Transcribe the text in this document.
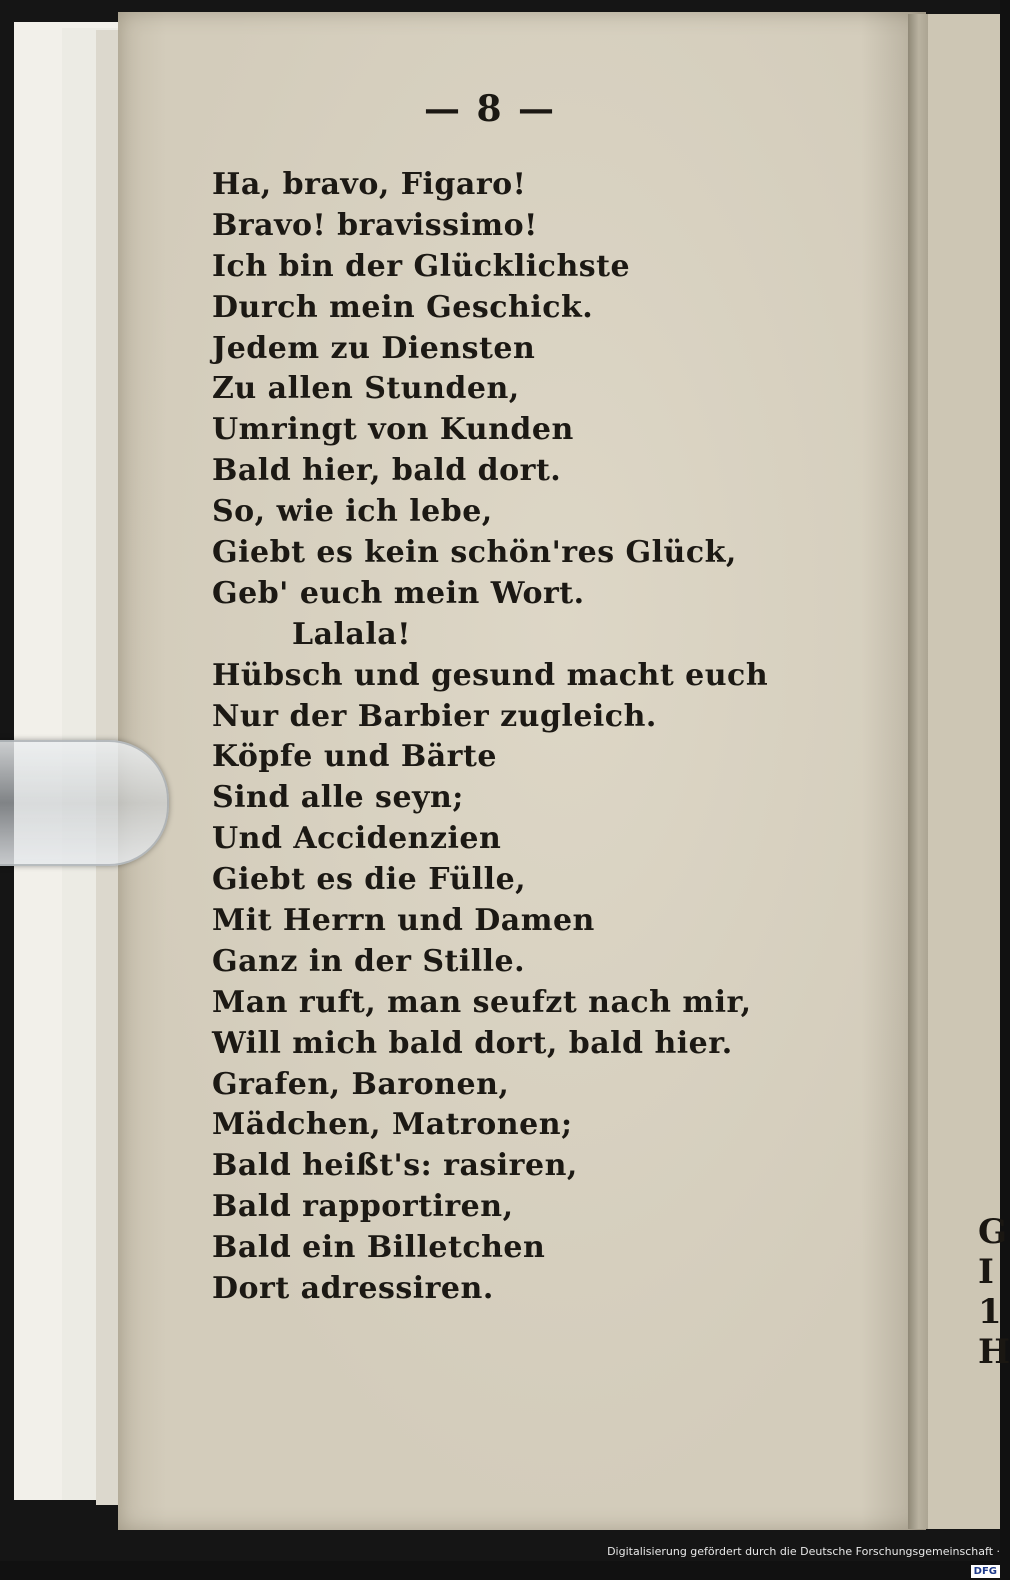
G
I
1
H
— 8 —
Ha, bravo, Figaro!
Bravo! bravissimo!
Ich bin der Glücklichste
Durch mein Geschick.
Jedem zu Diensten
Zu allen Stunden,
Umringt von Kunden
Bald hier, bald dort.
So, wie ich lebe,
Giebt es kein schön'res Glück,
Geb' euch mein Wort.
Lalala!
Hübsch und gesund macht euch
Nur der Barbier zugleich.
Köpfe und Bärte
Sind alle seyn;
Und Accidenzien
Giebt es die Fülle,
Mit Herrn und Damen
Ganz in der Stille.
Man ruft, man seufzt nach mir,
Will mich bald dort, bald hier.
Grafen, Baronen,
Mädchen, Matronen;
Bald heißt's: rasiren,
Bald rapportiren,
Bald ein Billetchen
Dort adressiren.
Digitalisierung gefördert durch die Deutsche Forschungsgemeinschaft ·DFG
